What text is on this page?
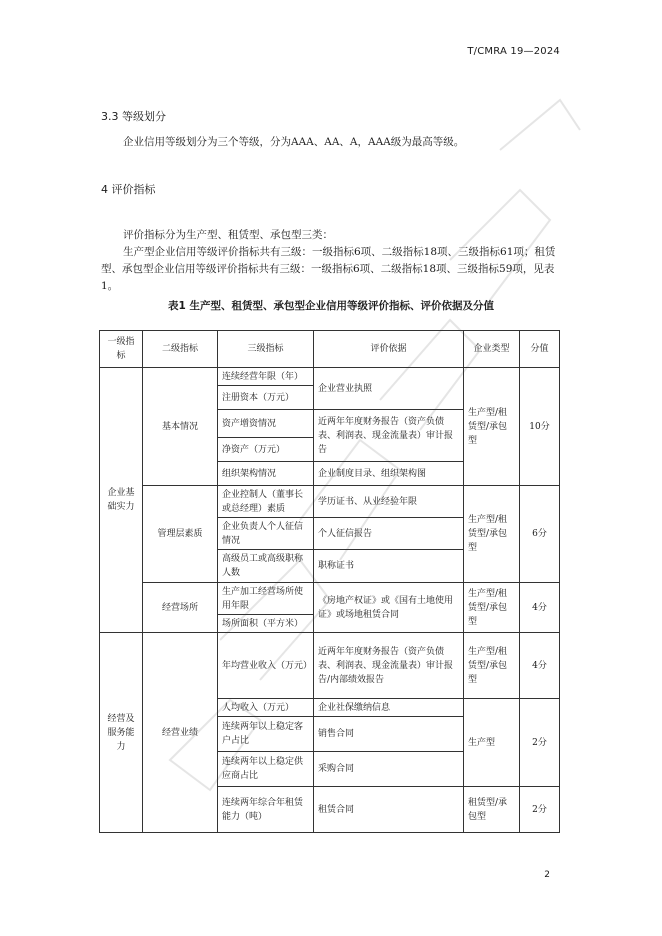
T/CMRA 19—2024
3.3 等级划分
企业信用等级划分为三个等级，分为AAA、AA、A，AAA级为最高等级。
4 评价指标
评价指标分为生产型、租赁型、承包型三类：
生产型企业信用等级评价指标共有三级：一级指标6项、二级指标18项、三级指标61项；租赁型、承包型企业信用等级评价指标共有三级：一级指标6项、二级指标18项、三级指标59项，见表1。
表1 生产型、租赁型、承包型企业信用等级评价指标、评价依据及分值
一级指标	二级指标	三级指标	评价依据	企业类型	分值
企业基础实力	基本情况	连续经营年限（年）	企业营业执照	生产型/租赁型/承包型	10分
		注册资本（万元）			
		资产增资情况	近两年年度财务报告（资产负债表、利润表、现金流量表）审计报告		
		净资产（万元）			
		组织架构情况	企业制度目录、组织架构图		
	管理层素质	企业控制人（董事长或总经理）素质	学历证书、从业经验年限	生产型/租赁型/承包型	6分
		企业负责人个人征信情况	个人征信报告		
		高级员工或高级职称人数	职称证书		
	经营场所	生产加工经营场所使用年限	《房地产权证》或《国有土地使用证》或场地租赁合同	生产型/租赁型/承包型	4分
		场所面积（平方米）			
经营及服务能力	经营业绩	年均营业收入（万元）	近两年年度财务报告（资产负债表、利润表、现金流量表）审计报告/内部绩效报告	生产型/租赁型/承包型	4分
		人均收入（万元）	企业社保缴纳信息	生产型	2分
		连续两年以上稳定客户占比	销售合同		
		连续两年以上稳定供应商占比	采购合同		
		连续两年综合年租赁能力（吨）	租赁合同	租赁型/承包型	2分
2
